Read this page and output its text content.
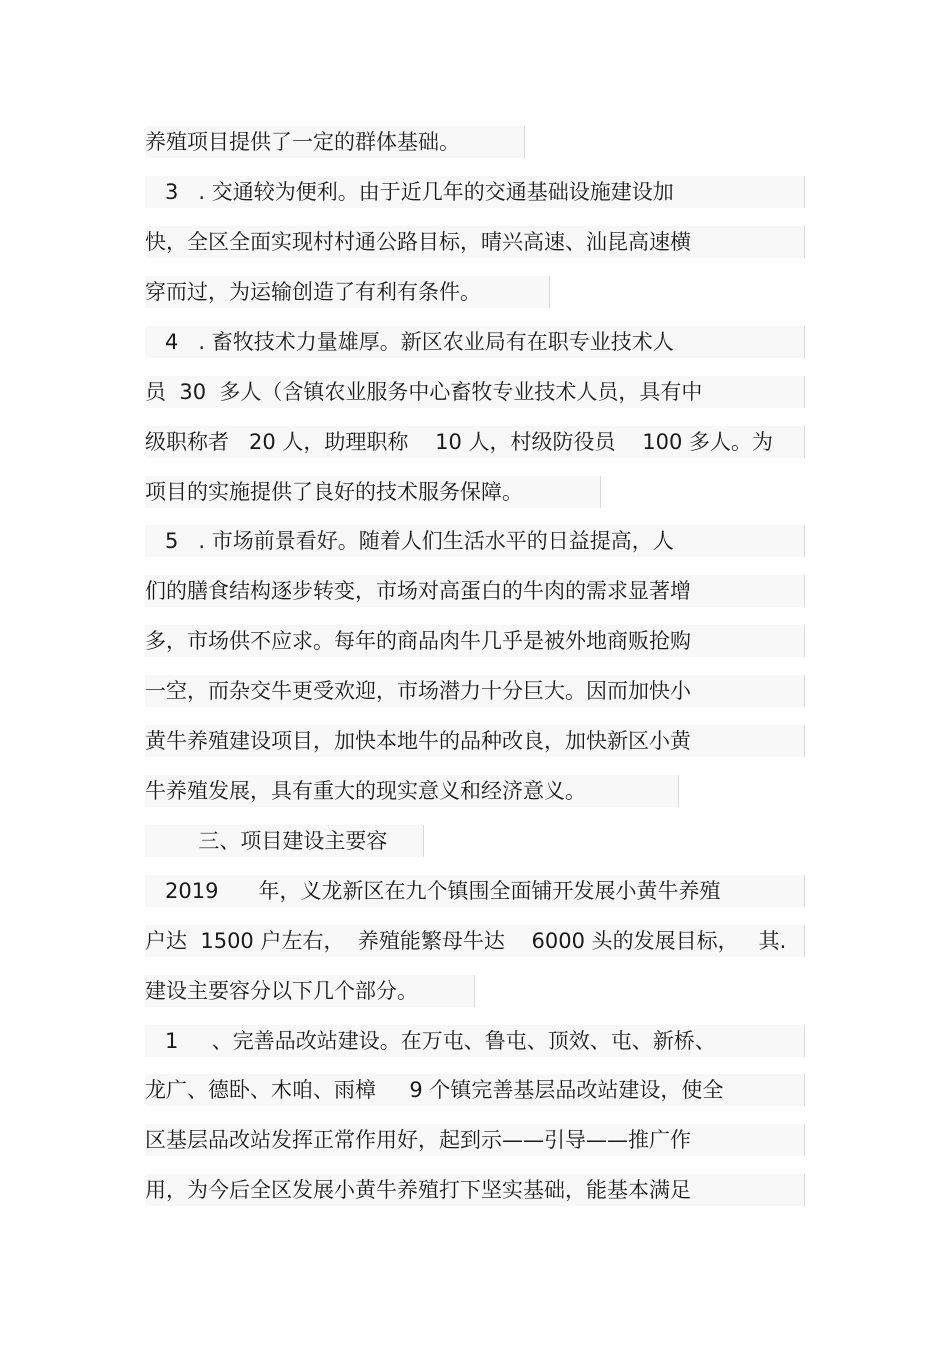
养殖项目提供了一定的群体基础。
3   . 交通较为便利。由于近几年的交通基础设施建设加
快，全区全面实现村村通公路目标，晴兴高速、汕昆高速横
穿而过，为运输创造了有利有条件。
4   . 畜牧技术力量雄厚。新区农业局有在职专业技术人
员  30  多人（含镇农业服务中心畜牧专业技术人员，具有中
级职称者   20 人，助理职称    10 人，村级防役员    100 多人。为
项目的实施提供了良好的技术服务保障。
5   . 市场前景看好。随着人们生活水平的日益提高，人
们的膳食结构逐步转变，市场对高蛋白的牛肉的需求显著增
多，市场供不应求。每年的商品肉牛几乎是被外地商贩抢购
一空，而杂交牛更受欢迎，市场潜力十分巨大。因而加快小
黄牛养殖建设项目，加快本地牛的品种改良，加快新区小黄
牛养殖发展，具有重大的现实意义和经济意义。
三、项目建设主要容
2019      年，义龙新区在九个镇围全面铺开发展小黄牛养殖
户达  1500 户左右，  养殖能繁母牛达    6000 头的发展目标，   其.
建设主要容分以下几个部分。
1     、完善品改站建设。在万屯、鲁屯、顶效、屯、新桥、
龙广、德卧、木咱、雨樟     9 个镇完善基层品改站建设，使全
区基层品改站发挥正常作用好，起到示——引导——推广作
用，为今后全区发展小黄牛养殖打下坚实基础，能基本满足
